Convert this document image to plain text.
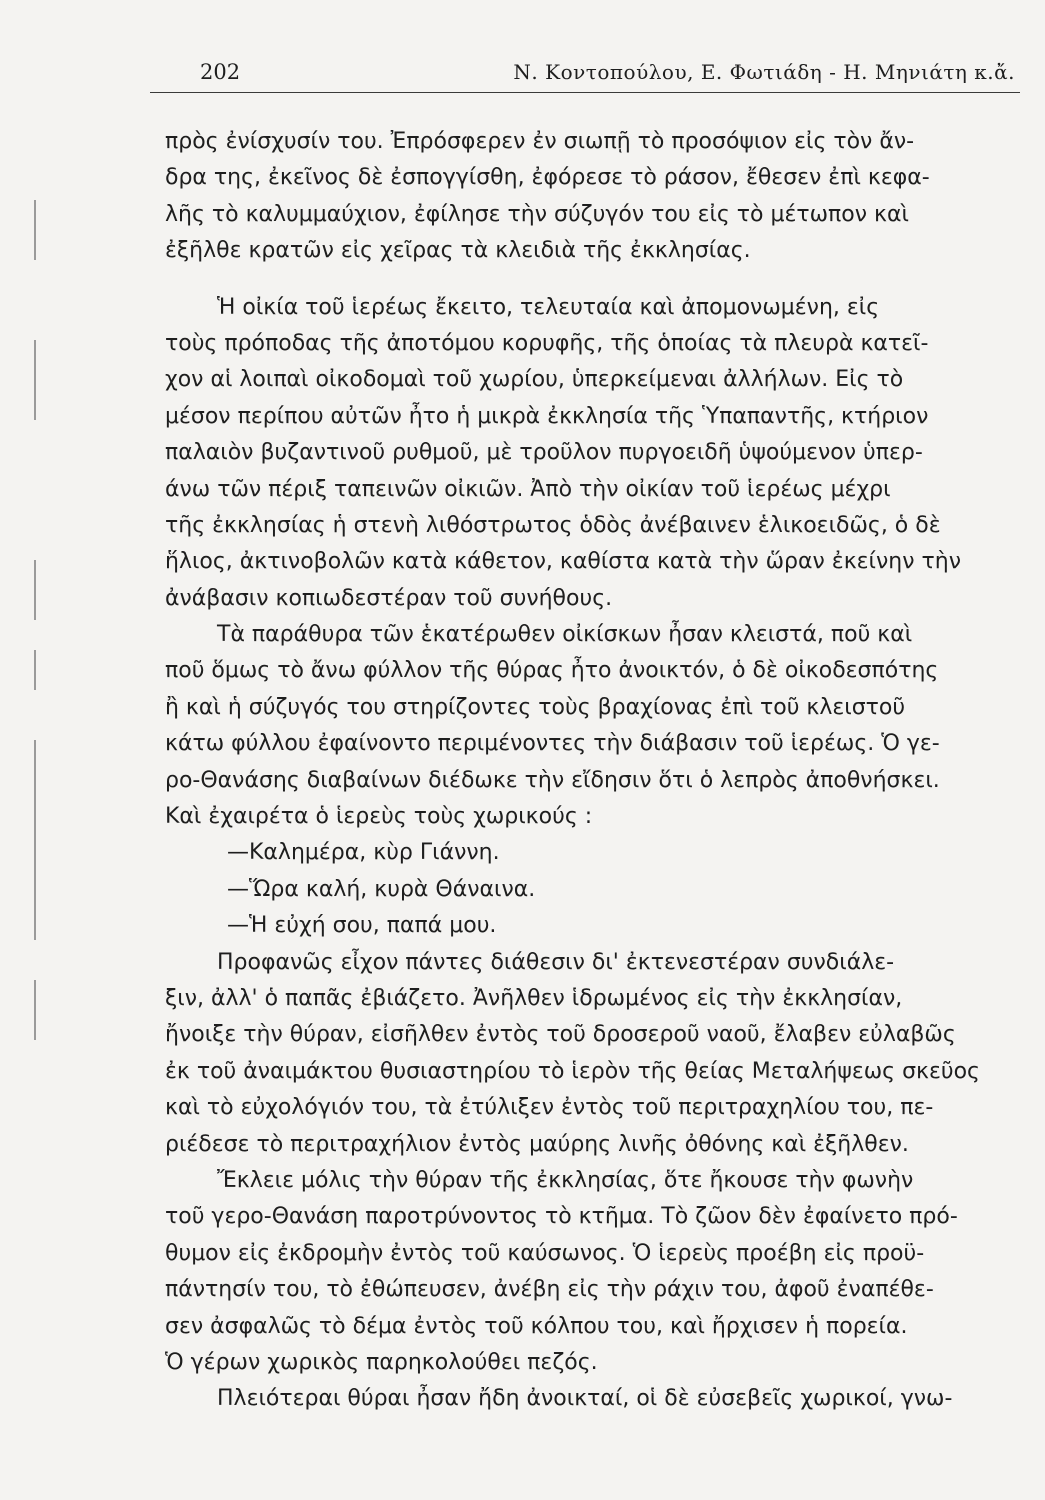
202	Ν. Κοντοπούλου, Ε. Φωτιάδη - Η. Μηνιάτη κ.ἄ.
πρὸς ἐνίσχυσίν του. Ἐπρόσφερεν ἐν σιωπῇ τὸ προσόψιον εἰς τὸν ἄν-
δρα της, ἐκεῖνος δὲ ἐσπογγίσθη, ἐφόρεσε τὸ ράσον, ἔθεσεν ἐπὶ κεφα-
λῆς τὸ καλυμμαύχιον, ἐφίλησε τὴν σύζυγόν του εἰς τὸ μέτωπον καὶ
ἐξῆλθε κρατῶν εἰς χεῖρας τὰ κλειδιὰ τῆς ἐκκλησίας.
Ἡ οἰκία τοῦ ἱερέως ἔκειτο, τελευταία καὶ ἀπομονωμένη, εἰς
τοὺς πρόποδας τῆς ἀποτόμου κορυφῆς, τῆς ὁποίας τὰ πλευρὰ κατεῖ-
χον αἱ λοιπαὶ οἰκοδομαὶ τοῦ χωρίου, ὑπερκείμεναι ἀλλήλων. Εἰς τὸ
μέσον περίπου αὐτῶν ἦτο ἡ μικρὰ ἐκκλησία τῆς Ὑπαπαντῆς, κτήριον
παλαιὸν βυζαντινοῦ ρυθμοῦ, μὲ τροῦλον πυργοειδῆ ὑψούμενον ὑπερ-
άνω τῶν πέριξ ταπεινῶν οἰκιῶν. Ἀπὸ τὴν οἰκίαν τοῦ ἱερέως μέχρι
τῆς ἐκκλησίας ἡ στενὴ λιθόστρωτος ὁδὸς ἀνέβαινεν ἑλικοειδῶς, ὁ δὲ
ἥλιος, ἀκτινοβολῶν κατὰ κάθετον, καθίστα κατὰ τὴν ὥραν ἐκείνην τὴν
ἀνάβασιν κοπιωδεστέραν τοῦ συνήθους.
Τὰ παράθυρα τῶν ἑκατέρωθεν οἰκίσκων ἦσαν κλειστά, ποῦ καὶ
ποῦ ὅμως τὸ ἄνω φύλλον τῆς θύρας ἦτο ἀνοικτόν, ὁ δὲ οἰκοδεσπότης
ἢ καὶ ἡ σύζυγός του στηρίζοντες τοὺς βραχίονας ἐπὶ τοῦ κλειστοῦ
κάτω φύλλου ἐφαίνοντο περιμένοντες τὴν διάβασιν τοῦ ἱερέως. Ὁ γε-
ρο-Θανάσης διαβαίνων διέδωκε τὴν εἴδησιν ὅτι ὁ λεπρὸς ἀποθνήσκει.
Καὶ ἐχαιρέτα ὁ ἱερεὺς τοὺς χωρικούς :
—Καλημέρα, κὺρ Γιάννη.
—Ὥρα καλή, κυρὰ Θάναινα.
—Ἡ εὐχή σου, παπά μου.
Προφανῶς εἶχον πάντες διάθεσιν δι' ἐκτενεστέραν συνδιάλε-
ξιν, ἀλλ' ὁ παπᾶς ἐβιάζετο. Ἀνῆλθεν ἱδρωμένος εἰς τὴν ἐκκλησίαν,
ἤνοιξε τὴν θύραν, εἰσῆλθεν ἐντὸς τοῦ δροσεροῦ ναοῦ, ἔλαβεν εὐλαβῶς
ἐκ τοῦ ἀναιμάκτου θυσιαστηρίου τὸ ἱερὸν τῆς θείας Μεταλήψεως σκεῦος
καὶ τὸ εὐχολόγιόν του, τὰ ἐτύλιξεν ἐντὸς τοῦ περιτραχηλίου του, πε-
ριέδεσε τὸ περιτραχήλιον ἐντὸς μαύρης λινῆς ὀθόνης καὶ ἐξῆλθεν.
Ἔκλειε μόλις τὴν θύραν τῆς ἐκκλησίας, ὅτε ἤκουσε τὴν φωνὴν
τοῦ γερο-Θανάση παροτρύνοντος τὸ κτῆμα. Τὸ ζῶον δὲν ἐφαίνετο πρό-
θυμον εἰς ἐκδρομὴν ἐντὸς τοῦ καύσωνος. Ὁ ἱερεὺς προέβη εἰς προϋ-
πάντησίν του, τὸ ἐθώπευσεν, ἀνέβη εἰς τὴν ράχιν του, ἀφοῦ ἐναπέθε-
σεν ἀσφαλῶς τὸ δέμα ἐντὸς τοῦ κόλπου του, καὶ ἤρχισεν ἡ πορεία.
Ὁ γέρων χωρικὸς παρηκολούθει πεζός.
Πλειότεραι θύραι ἦσαν ἤδη ἀνοικταί, οἱ δὲ εὐσεβεῖς χωρικοί, γνω-
